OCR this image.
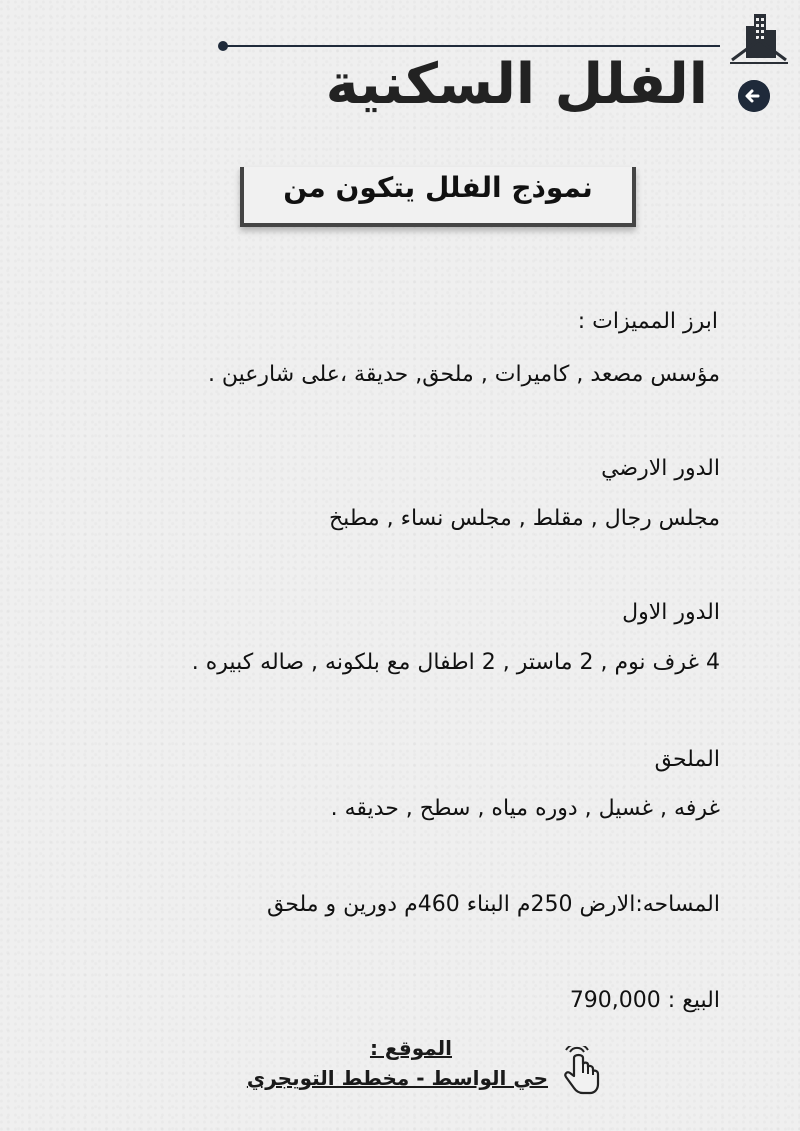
الفلل السكنية
نموذج الفلل يتكون من
ابرز المميزات :
مؤسس مصعد , كاميرات , ملحق, حديقة ،على شارعين .
الدور الارضي
مجلس رجال , مقلط , مجلس نساء , مطبخ
الدور الاول
4 غرف نوم , 2 ماستر , 2 اطفال مع بلكونه , صاله كبيره .
الملحق
غرفه , غسيل , دوره مياه , سطح , حديقه .
المساحه:الارض 250م البناء 460م دورين و ملحق
البيع : 790,000
الموقع :
حي الواسط - مخطط التويجري
